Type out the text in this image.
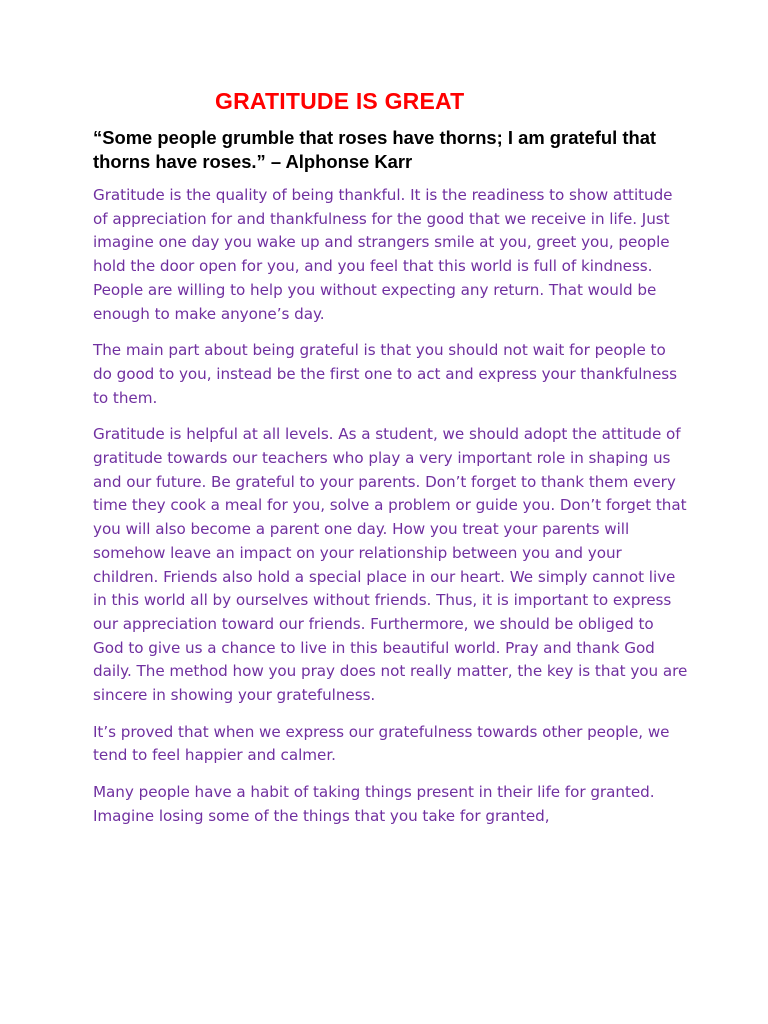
GRATITUDE IS GREAT

“Some people grumble that roses have thorns; I am grateful that thorns have roses.” – Alphonse Karr

Gratitude is the quality of being thankful. It is the readiness to show attitude of appreciation for and thankfulness for the good that we receive in life. Just imagine one day you wake up and strangers smile at you, greet you, people hold the door open for you, and you feel that this world is full of kindness. People are willing to help you without expecting any return. That would be enough to make anyone’s day.

The main part about being grateful is that you should not wait for people to do good to you, instead be the first one to act and express your thankfulness to them.

Gratitude is helpful at all levels. As a student, we should adopt the attitude of gratitude towards our teachers who play a very important role in shaping us and our future. Be grateful to your parents. Don’t forget to thank them every time they cook a meal for you, solve a problem or guide you. Don’t forget that you will also become a parent one day. How you treat your parents will somehow leave an impact on your relationship between you and your children. Friends also hold a special place in our heart. We simply cannot live in this world all by ourselves without friends. Thus, it is important to express our appreciation toward our friends. Furthermore, we should be obliged to God to give us a chance to live in this beautiful world. Pray and thank God daily. The method how you pray does not really matter, the key is that you are sincere in showing your gratefulness.

It’s proved that when we express our gratefulness towards other people, we tend to feel happier and calmer.

Many people have a habit of taking things present in their life for granted. Imagine losing some of the things that you take for granted,
